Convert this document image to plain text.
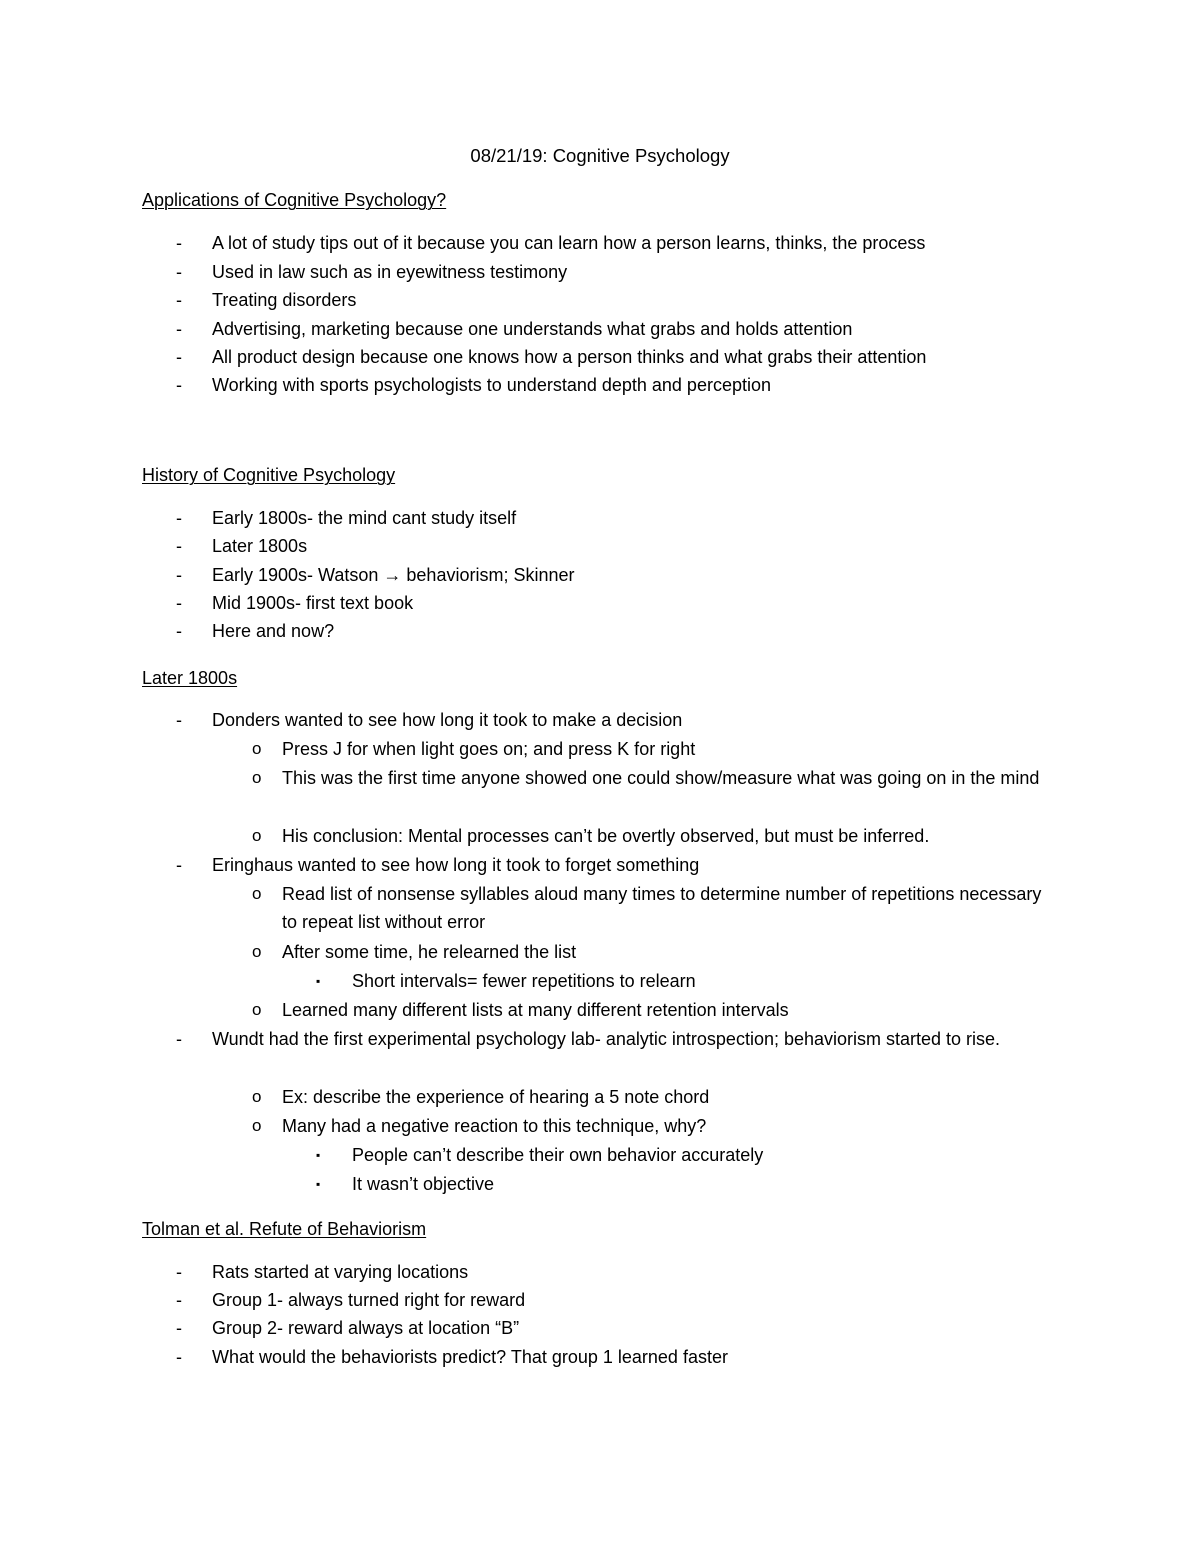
08/21/19: Cognitive Psychology
Applications of Cognitive Psychology?

- A lot of study tips out of it because you can learn how a person learns, thinks, the process

- Used in law such as in eyewitness testimony

- Treating disorders

- Advertising, marketing because one understands what grabs and holds attention

- All product design because one knows how a person thinks and what grabs their attention

- Working with sports psychologists to understand depth and perception

History of Cognitive Psychology

- Early 1800s- the mind cant study itself

- Later 1800s

- Early 1900s- Watson → behaviorism; Skinner

- Mid 1900s- first text book

- Here and now?

Later 1800s

- Donders wanted to see how long it took to make a decision

o Press J for when light goes on; and press K for right

o This was the first time anyone showed one could show/measure what was going on in the mind

o His conclusion: Mental processes can’t be overtly observed, but must be inferred.

- Eringhaus wanted to see how long it took to forget something

o Read list of nonsense syllables aloud many times to determine number of repetitions necessary to repeat list without error

o After some time, he relearned the list

▪ Short intervals= fewer repetitions to relearn

o Learned many different lists at many different retention intervals

- Wundt had the first experimental psychology lab- analytic introspection; behaviorism started to rise.

o Ex: describe the experience of hearing a 5 note chord

o Many had a negative reaction to this technique, why?

▪ People can’t describe their own behavior accurately

▪ It wasn’t objective

Tolman et al. Refute of Behaviorism

- Rats started at varying locations

- Group 1- always turned right for reward

- Group 2- reward always at location “B”

- What would the behaviorists predict? That group 1 learned faster
